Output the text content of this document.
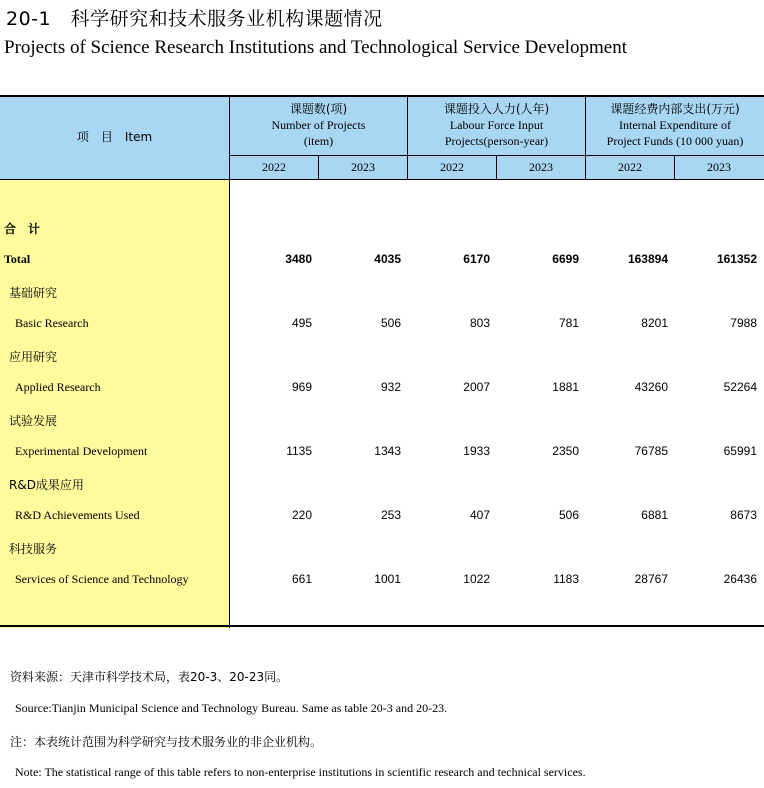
20-1　科学研究和技术服务业机构课题情况
Projects of Science Research Institutions and Technological Service Development
项　目　Item
课题数(项)
Number of Projects
(item)
课题投入人力(人年)
Labour Force Input
Projects(person-year)
课题经费内部支出(万元)
Internal Expenditure of
Project Funds (10 000 yuan)
2022	2023	2022	2023	2022	2023
合　计
Total	3480	4035	6170	6699	163894	161352
基础研究
Basic Research	495	506	803	781	8201	7988
应用研究
Applied Research	969	932	2007	1881	43260	52264
试验发展
Experimental Development	1135	1343	1933	2350	76785	65991
R&D成果应用
R&D Achievements Used	220	253	407	506	6881	8673
科技服务
Services of Science and Technology	661	1001	1022	1183	28767	26436
资料来源：天津市科学技术局，表20-3、20-23同。
Source:Tianjin Municipal Science and Technology Bureau. Same as table 20-3 and 20-23.
注：本表统计范围为科学研究与技术服务业的非企业机构。
Note: The statistical range of this table refers to non-enterprise institutions in scientific research and technical services.
